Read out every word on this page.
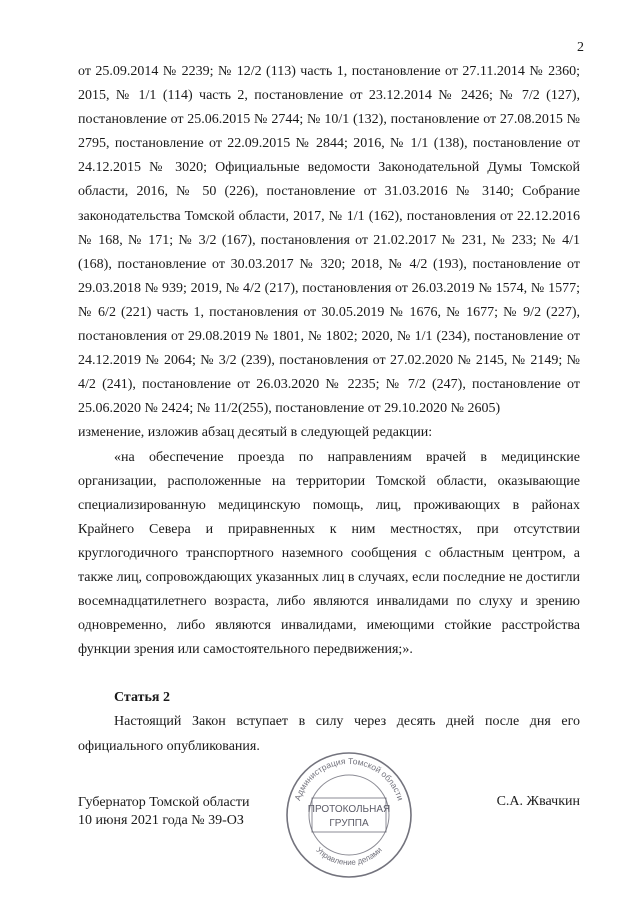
2

от 25.09.2014 № 2239; № 12/2 (113) часть 1, постановление от 27.11.2014 № 2360; 2015, № 1/1 (114) часть 2, постановление от 23.12.2014 № 2426; № 7/2 (127), постановление от 25.06.2015 № 2744; № 10/1 (132), постановление от 27.08.2015 № 2795, постановление от 22.09.2015 № 2844; 2016, № 1/1 (138), постановление от 24.12.2015 № 3020; Официальные ведомости Законодательной Думы Томской области, 2016, № 50 (226), постановление от 31.03.2016 № 3140; Собрание законодательства Томской области, 2017, № 1/1 (162), постановления от 22.12.2016 № 168, № 171; № 3/2 (167), постановления от 21.02.2017 № 231, № 233; № 4/1 (168), постановление от 30.03.2017 № 320; 2018, № 4/2 (193), постановление от 29.03.2018 № 939; 2019, № 4/2 (217), постановления от 26.03.2019 № 1574, № 1577; № 6/2 (221) часть 1, постановления от 30.05.2019 № 1676, № 1677; № 9/2 (227), постановления от 29.08.2019 № 1801, № 1802; 2020, № 1/1 (234), постановление от 24.12.2019 № 2064; № 3/2 (239), постановления от 27.02.2020 № 2145, № 2149; № 4/2 (241), постановление от 26.03.2020 № 2235; № 7/2 (247), постановление от 25.06.2020 № 2424; № 11/2(255), постановление от 29.10.2020 № 2605)

изменение, изложив абзац десятый в следующей редакции:

«на обеспечение проезда по направлениям врачей в медицинские организации, расположенные на территории Томской области, оказывающие специализированную медицинскую помощь, лиц, проживающих в районах Крайнего Севера и приравненных к ним местностях, при отсутствии круглогодичного транспортного наземного сообщения с областным центром, а также лиц, сопровождающих указанных лиц в случаях, если последние не достигли восемнадцатилетнего возраста, либо являются инвалидами по слуху и зрению одновременно, либо являются инвалидами, имеющими стойкие расстройства функции зрения или самостоятельного передвижения;».

Статья 2

Настоящий Закон вступает в силу через десять дней после дня его официального опубликования.

Губернатор Томской области
10 июня 2021 года № 39-ОЗ
С.А. Жвачкин
Администрация Томской области
Управление делами
ПРОТОКОЛЬНАЯ
ГРУППА
